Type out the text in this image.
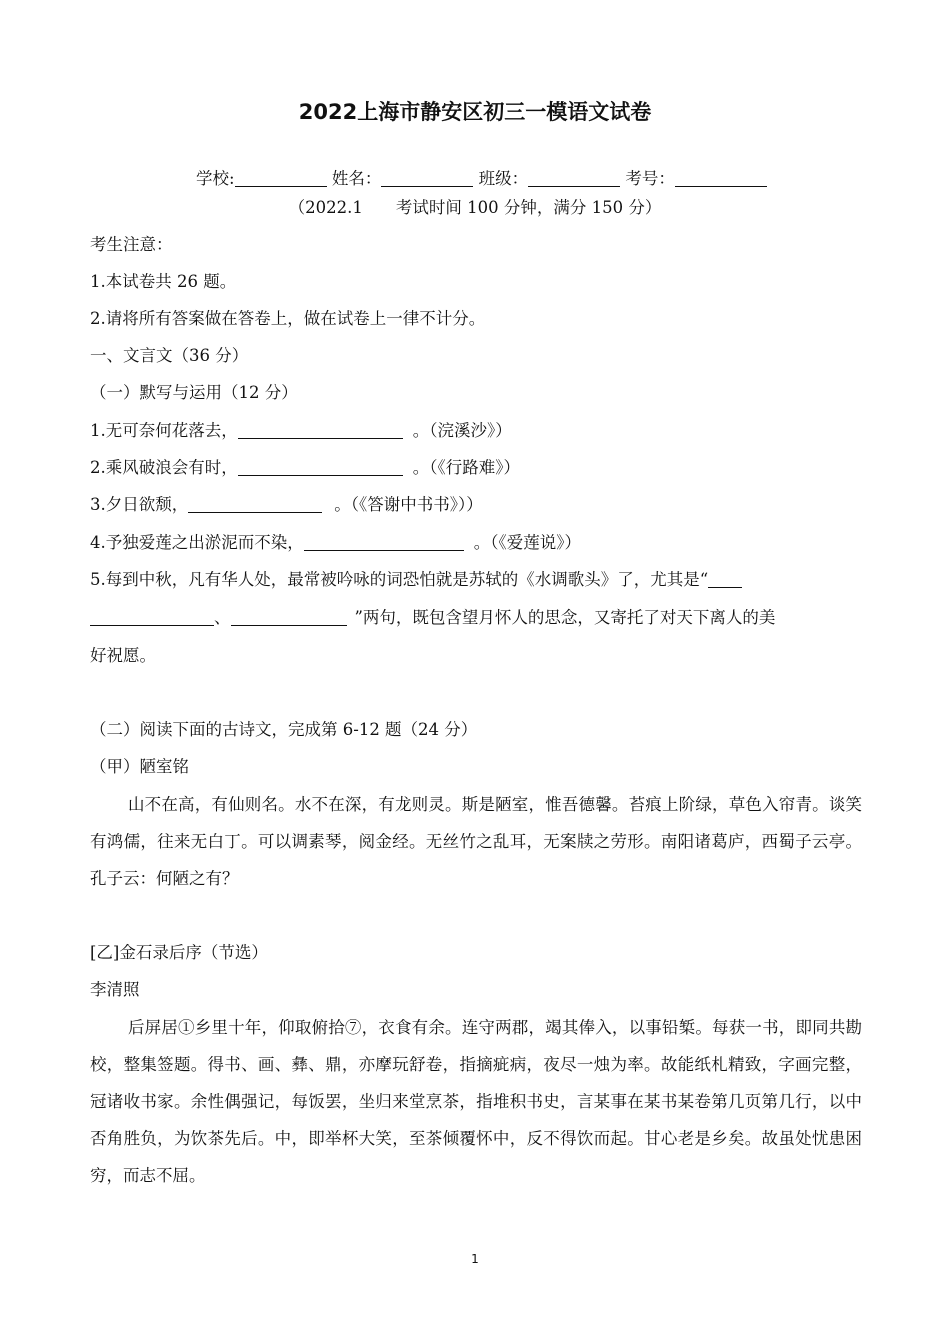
2022上海市静安区初三一模语文试卷
学校:	姓名：	班级：	考号：
（2022.1　　考试时间 100 分钟，满分 150 分）
考生注意：
1.本试卷共 26 题。
2.请将所有答案做在答卷上，做在试卷上一律不计分。
一、文言文（36 分）
（一）默写与运用（12 分）
1.无可奈何花落去，	。（浣溪沙》）
2.乘风破浪会有时，	。（《行路难》）
3.夕日欲颓，	。（《答谢中书书》））
4.予独爱莲之出淤泥而不染，	。（《爱莲说》）
5.每到中秋，凡有华人处，最常被吟咏的词恐怕就是苏轼的《水调歌头》了，尤其是“
、	”两句，既包含望月怀人的思念，又寄托了对天下离人的美
好祝愿。
（二）阅读下面的古诗文，完成第 6-12 题（24 分）
（甲）陋室铭
山不在高，有仙则名。水不在深，有龙则灵。斯是陋室，惟吾德馨。苔痕上阶绿，草色入帘青。谈笑有鸿儒，往来无白丁。可以调素琴，阅金经。无丝竹之乱耳，无案牍之劳形。南阳诸葛庐，西蜀子云亭。孔子云：何陋之有？
[乙]金石录后序（节选）
李清照
后屏居①乡里十年，仰取俯拾⑦，衣食有余。连守两郡，竭其俸入，以事铅椠。每获一书，即同共勘校，整集签题。得书、画、彝、鼎，亦摩玩舒卷，指摘疵病，夜尽一烛为率。故能纸札精致，字画完整，冠诸收书家。余性偶强记，每饭罢，坐归来堂烹茶，指堆积书史，言某事在某书某卷第几页第几行，以中否角胜负，为饮茶先后。中，即举杯大笑，至茶倾覆怀中，反不得饮而起。甘心老是乡矣。故虽处忧患困穷，而志不屈。
1
